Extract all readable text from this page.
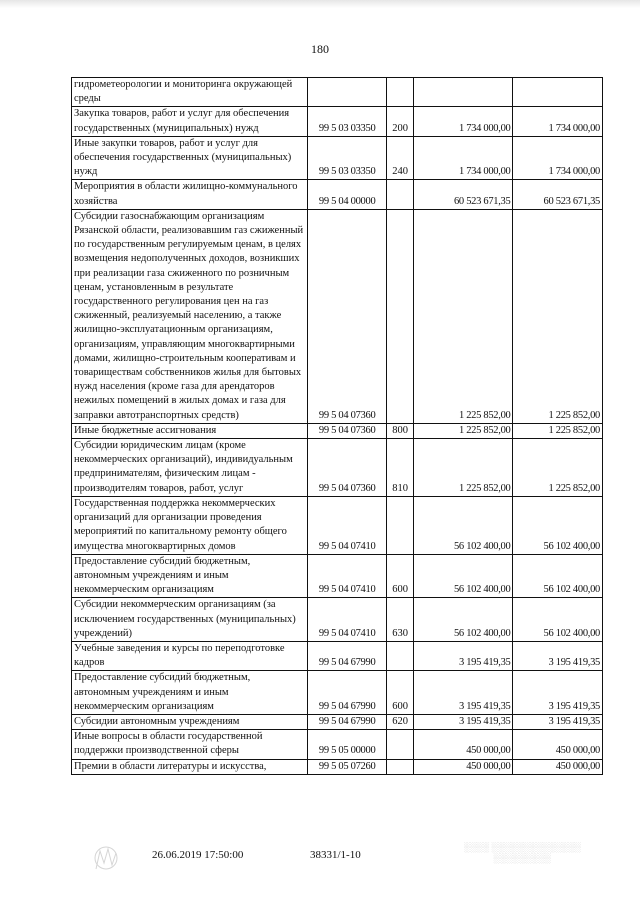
180
гидрометеорологии и мониторинга окружающей среды				
Закупка товаров, работ и услуг для обеспечения государственных (муниципальных) нужд	99 5 03 03350	200	1 734 000,00	1 734 000,00
Иные закупки товаров, работ и услуг для обеспечения государственных (муниципальных) нужд	99 5 03 03350	240	1 734 000,00	1 734 000,00
Мероприятия в области жилищно-коммунального хозяйства	99 5 04 00000		60 523 671,35	60 523 671,35
Субсидии газоснабжающим организациям Рязанской области, реализовавшим газ сжиженный по государственным регулируемым ценам, в целях возмещения недополученных доходов, возникших при реализации газа сжиженного по розничным ценам, установленным в результате государственного регулирования цен на газ сжиженный, реализуемый населению, а также жилищно-эксплуатационным организациям, организациям, управляющим многоквартирными домами, жилищно-строительным кооперативам и товариществам собственников жилья для бытовых нужд населения (кроме газа для арендаторов нежилых помещений в жилых домах и газа для заправки автотранспортных средств)	99 5 04 07360		1 225 852,00	1 225 852,00
Иные бюджетные ассигнования	99 5 04 07360	800	1 225 852,00	1 225 852,00
Субсидии юридическим лицам (кроме некоммерческих организаций), индивидуальным предпринимателям, физическим лицам - производителям товаров, работ, услуг	99 5 04 07360	810	1 225 852,00	1 225 852,00
Государственная поддержка некоммерческих организаций для организации проведения мероприятий по капитальному ремонту общего имущества многоквартирных домов	99 5 04 07410		56 102 400,00	56 102 400,00
Предоставление субсидий бюджетным, автономным учреждениям и иным некоммерческим организациям	99 5 04 07410	600	56 102 400,00	56 102 400,00
Субсидии некоммерческим организациям (за исключением государственных (муниципальных) учреждений)	99 5 04 07410	630	56 102 400,00	56 102 400,00
Учебные заведения и курсы по переподготовке кадров	99 5 04 67990		3 195 419,35	3 195 419,35
Предоставление субсидий бюджетным, автономным учреждениям и иным некоммерческим организациям	99 5 04 67990	600	3 195 419,35	3 195 419,35
Субсидии автономным учреждениям	99 5 04 67990	620	3 195 419,35	3 195 419,35
Иные вопросы в области государственной поддержки производственной сферы	99 5 05 00000		450 000,00	450 000,00
Премии в области литературы и искусства,	99 5 05 07260		450 000,00	450 000,00
26.06.2019 17:50:00	38331/1-10
░░░░ ░░░░░░░░░░░░░░
░░░░░░░░░
